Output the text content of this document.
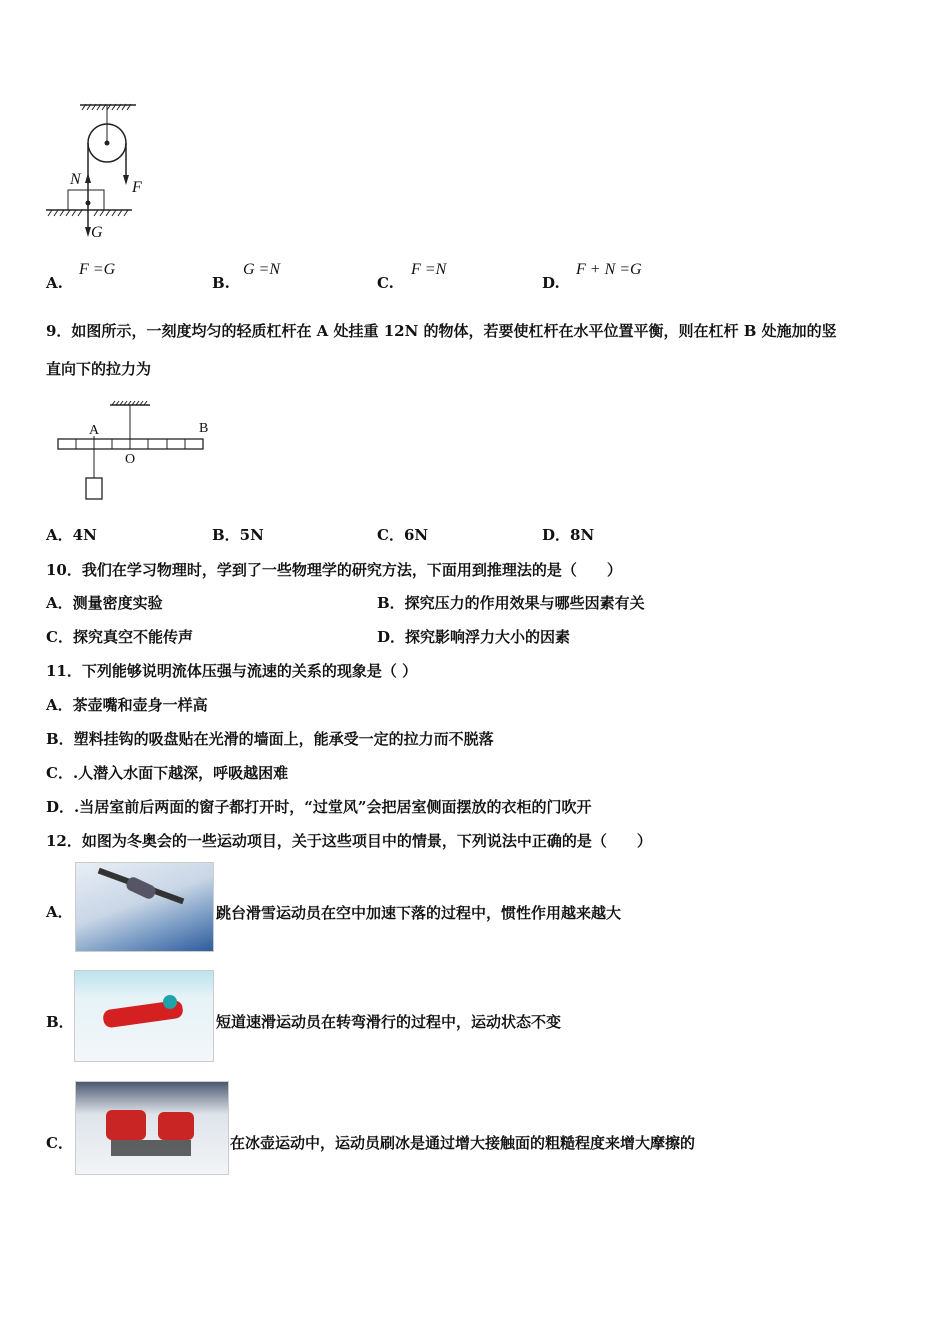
N	F
G
A.
F =G
B.
G =N
C.
F =N
D.
F + N =G
9．如图所示，一刻度均匀的轻质杠杆在 A 处挂重 12N 的物体，若要使杠杆在水平位置平衡，则在杠杆 B 处施加的竖
直向下的拉力为
A	B
O
A．4N	B．5N	C．6N	D．8N
10．我们在学习物理时，学到了一些物理学的研究方法，下面用到推理法的是（　　）
A．测量密度实验	B．探究压力的作用效果与哪些因素有关
C．探究真空不能传声	D．探究影响浮力大小的因素
11．下列能够说明流体压强与流速的关系的现象是（ ）
A．茶壶嘴和壶身一样高
B．塑料挂钩的吸盘贴在光滑的墙面上，能承受一定的拉力而不脱落
C．.人潜入水面下越深，呼吸越困难
D．.当居室前后两面的窗子都打开时，“过堂风”会把居室侧面摆放的衣柜的门吹开
12．如图为冬奥会的一些运动项目，关于这些项目中的情景，下列说法中正确的是（　　）
A．	跳台滑雪运动员在空中加速下落的过程中，惯性作用越来越大
B．	短道速滑运动员在转弯滑行的过程中，运动状态不变
C．	在冰壶运动中，运动员刷冰是通过增大接触面的粗糙程度来增大摩擦的
